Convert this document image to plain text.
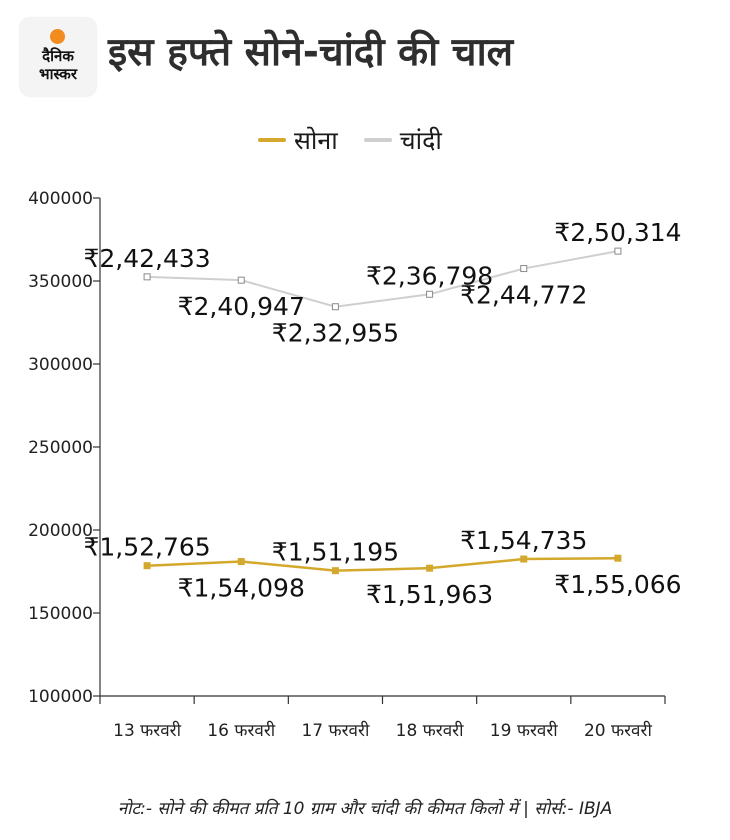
दैनिक
भास्कर इस हफ्ते सोने-चांदी की चाल
सोना चांदी
400000
350000
300000
250000
200000
150000
100000
13 फरवरी 16 फरवरी 17 फरवरी 18 फरवरी 19 फरवरी 20 फरवरी
₹1,52,765
₹1,54,098
₹1,51,195
₹1,51,963
₹1,54,735
₹1,55,066
₹2,42,433
₹2,40,947
₹2,32,955
₹2,36,798
₹2,44,772
₹2,50,314
नोट:- सोने की कीमत प्रति 10 ग्राम और चांदी की कीमत किलो में | सोर्स:- IBJA
